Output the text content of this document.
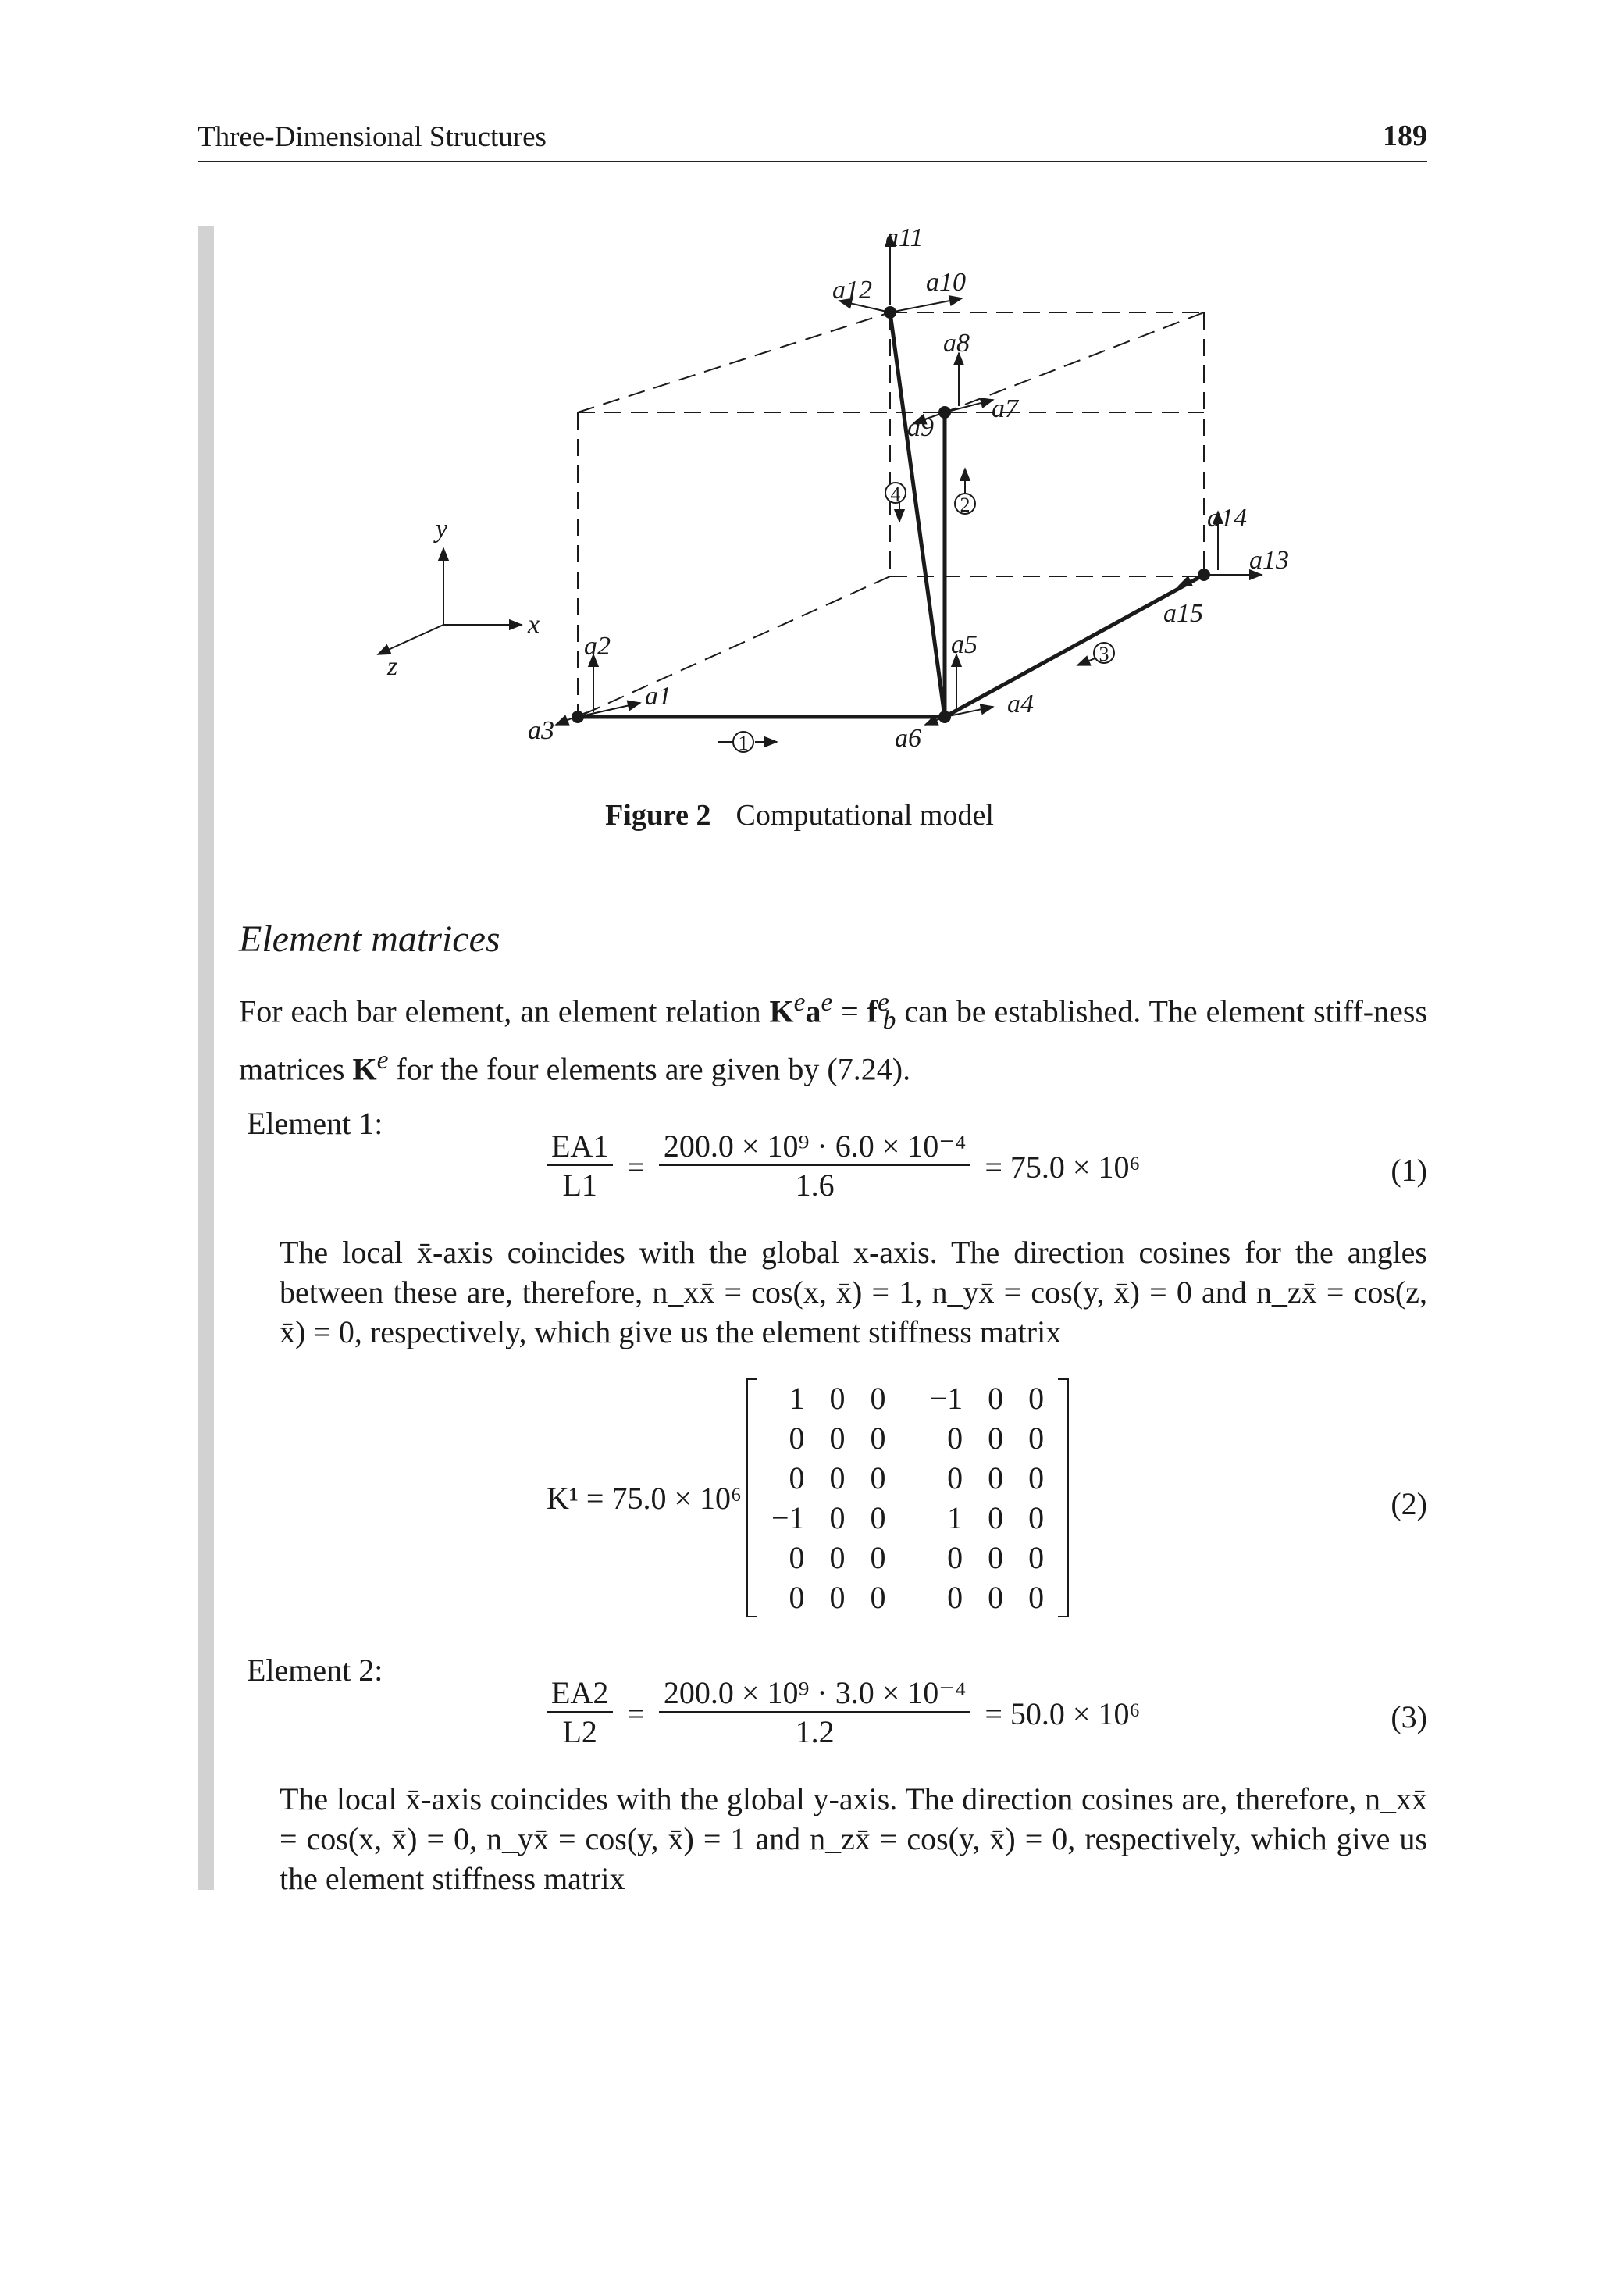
Three-Dimensional Structures	189
y
x
z
a1
a2
a3
a4
a5
a6
a7
a8
a9
a10
a11
a12
a13
a14
a15
1
2
3
4
Figure 2 Computational model
Element matrices
For each bar element, an element relation $K^ea^e = f^e_b$ can be established. The element stiff-ness matrices $K^e$ for the four elements are given by (7.24).
Element 1:
$\frac{EA1}{L1} = \frac{\text{200.0 × 10⁹ · 6.0 × 10⁻⁴}}{1.6} = 75.0 \times 10^6$	(1)
The local x̄-axis coincides with the global x-axis. The direction cosines for the angles between these are, therefore, n_xx̄ = cos(x, x̄) = 1, n_yx̄ = cos(y, x̄) = 0 and n_zx̄ = cos(z, x̄) = 0, respectively, which give us the element stiffness matrix
K¹ = 75.0 × 10⁶
1	0	0	−1	0	0
0	0	0	0	0	0
0	0	0	0	0	0
−1	0	0	1	0	0
0	0	0	0	0	0
0	0	0	0	0	0
(2)
Element 2:
$\frac{EA2}{L2} = \frac{\text{200.0 × 10⁹ · 3.0 × 10⁻⁴}}{1.2} = 50.0 \times 10^6$	(3)
The local x̄-axis coincides with the global y-axis. The direction cosines are, therefore, n_xx̄ = cos(x, x̄) = 0, n_yx̄ = cos(y, x̄) = 1 and n_zx̄ = cos(y, x̄) = 0, respectively, which give us the element stiffness matrix
